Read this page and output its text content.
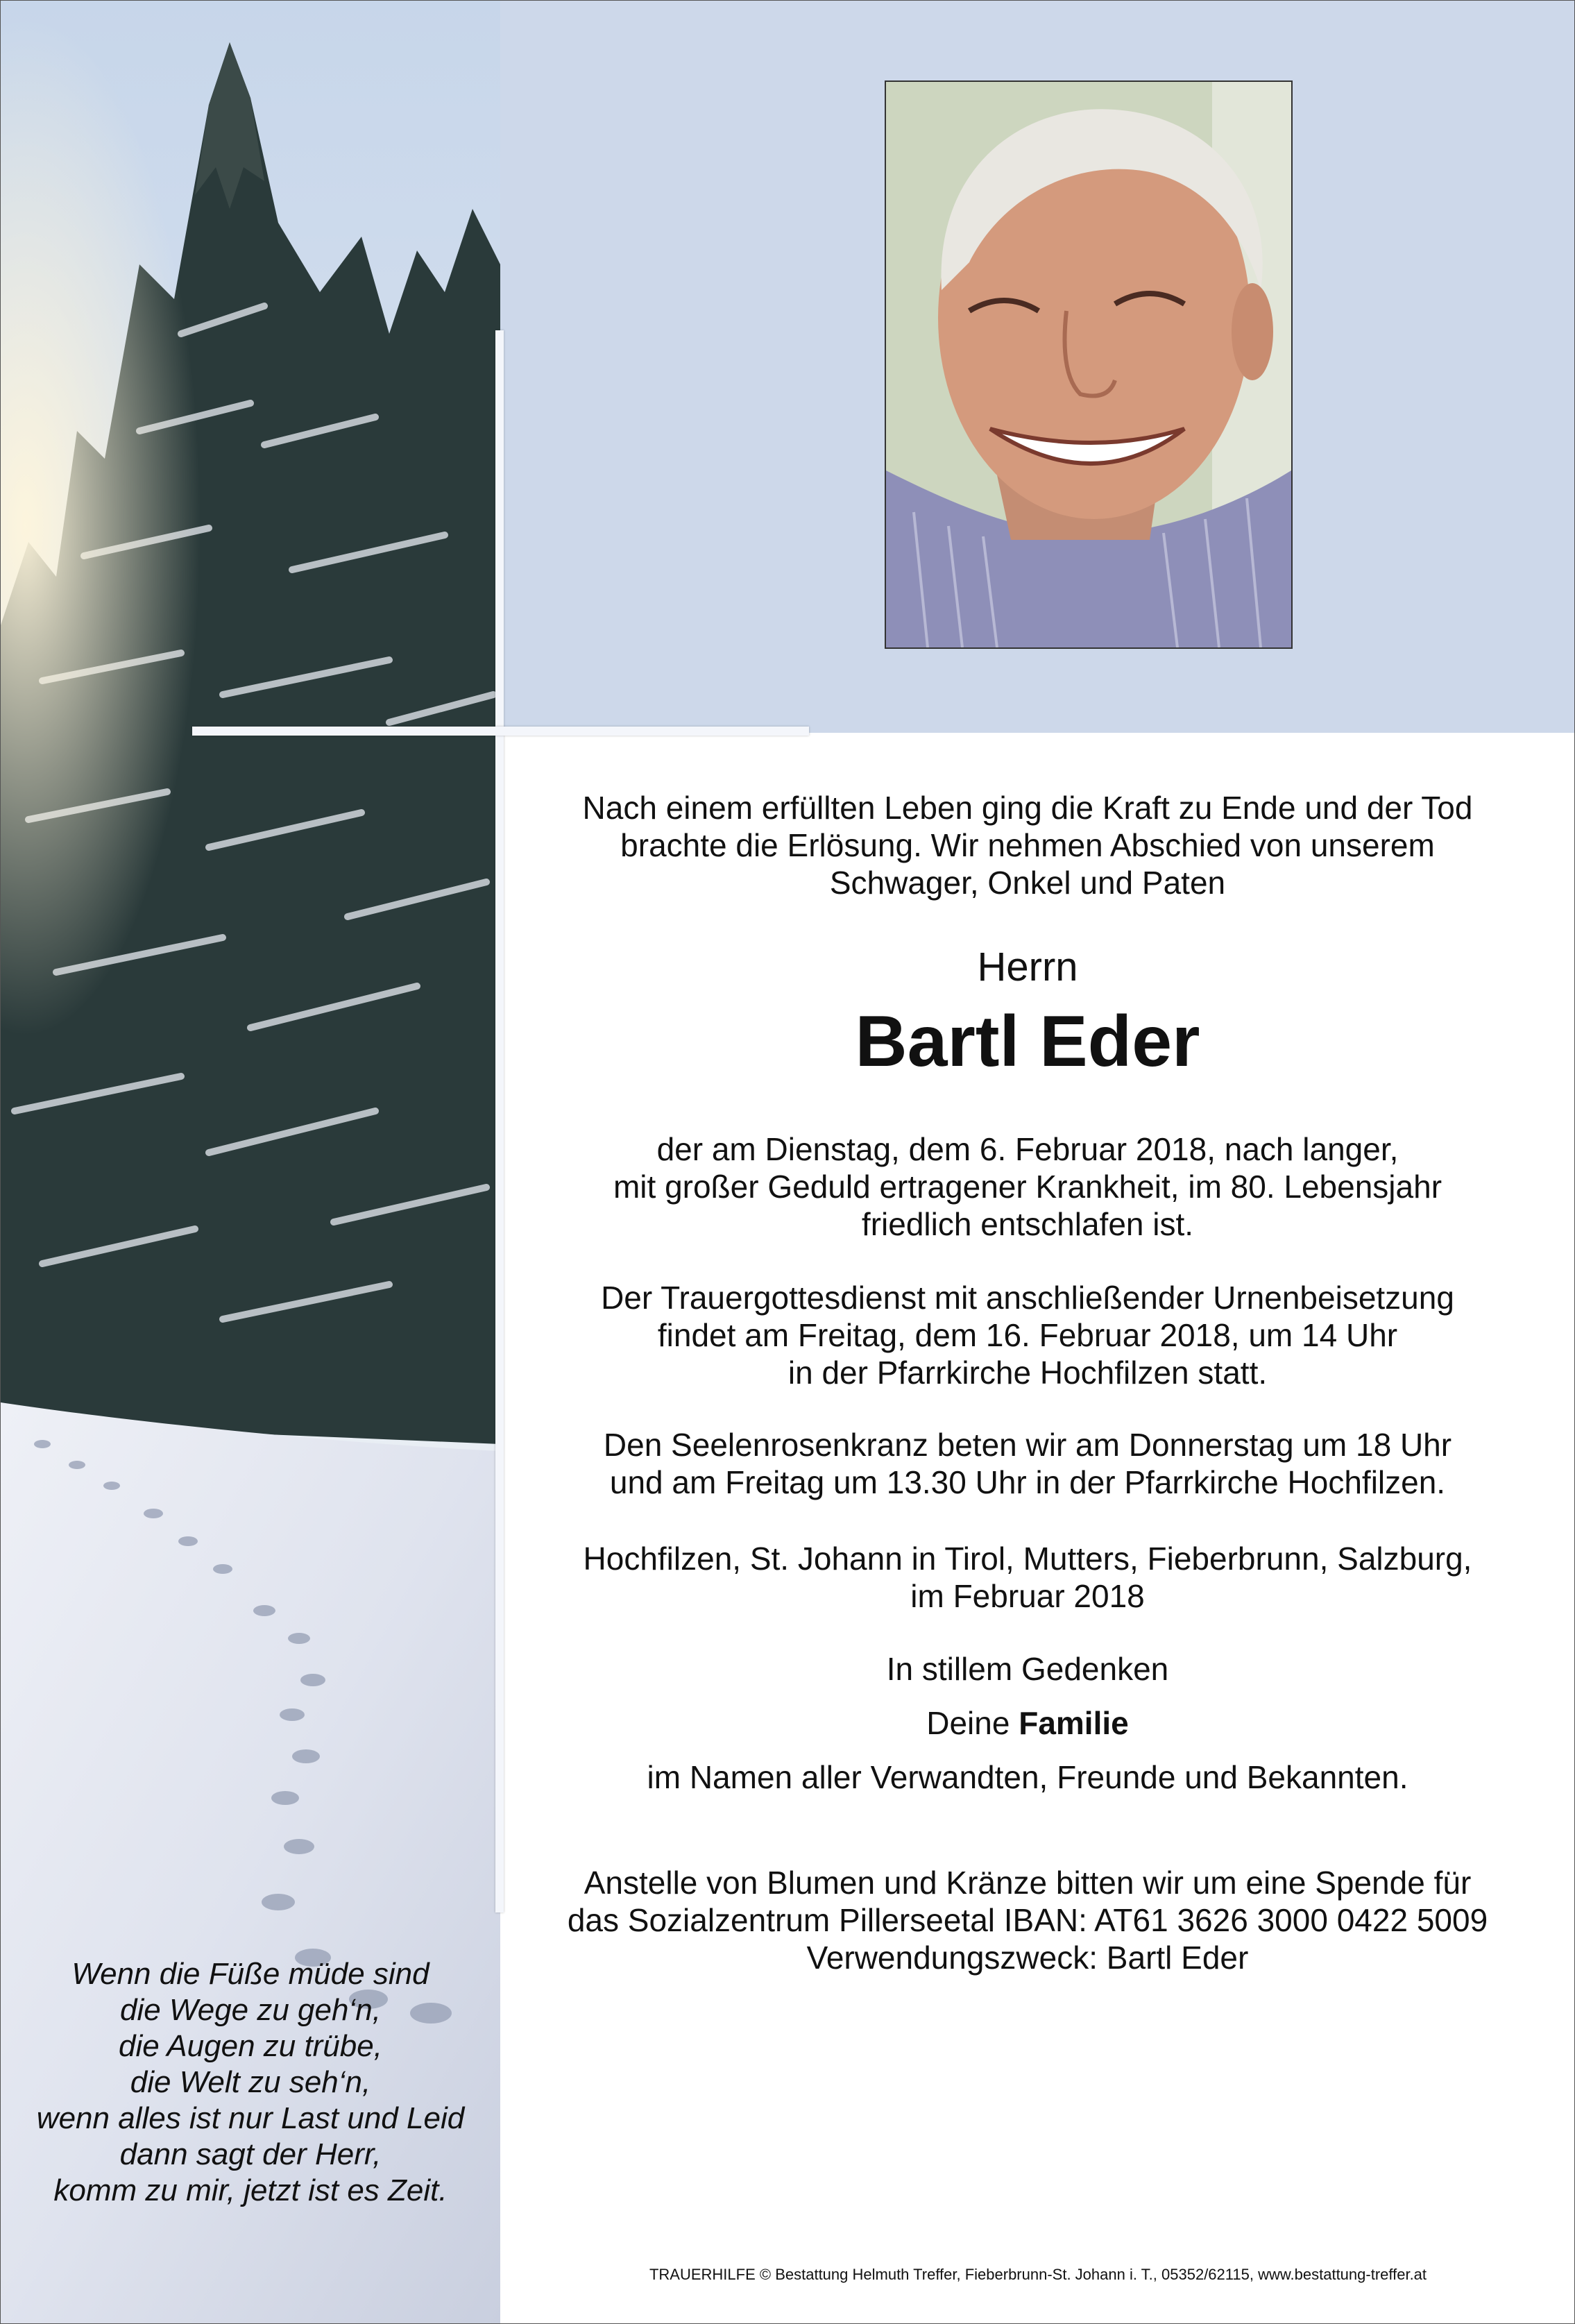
Nach einem erfüllten Leben ging die Kraft zu Ende und der Tod

brachte die Erlösung. Wir nehmen Abschied von unserem

Schwager, Onkel und Paten

Herrn
Bartl Eder

der am Dienstag, dem 6. Februar 2018, nach langer,

mit großer Geduld ertragener Krankheit, im 80. Lebensjahr

friedlich entschlafen ist.

Der Trauergottesdienst mit anschließender Urnenbeisetzung

findet am Freitag, dem 16. Februar 2018, um 14 Uhr

in der Pfarrkirche Hochfilzen statt.

Den Seelenrosenkranz beten wir am Donnerstag um 18 Uhr

und am Freitag um 13.30 Uhr in der Pfarrkirche Hochfilzen.

Hochfilzen, St. Johann in Tirol, Mutters, Fieberbrunn, Salzburg,

im Februar 2018

In stillem Gedenken
Deine Familie
im Namen aller Verwandten, Freunde und Bekannten.

Anstelle von Blumen und Kränze bitten wir um eine Spende für

das Sozialzentrum Pillerseetal IBAN: AT61 3626 3000 0422 5009

Verwendungszweck: Bartl Eder

Wenn die Füße müde sind

die Wege zu geh‘n,

die Augen zu trübe,

die Welt zu seh‘n,

wenn alles ist nur Last und Leid

dann sagt der Herr,

komm zu mir, jetzt ist es Zeit.

TRAUERHILFE © Bestattung Helmuth Treffer, Fieberbrunn-St. Johann i. T., 05352/62115, www.bestattung-treffer.at
